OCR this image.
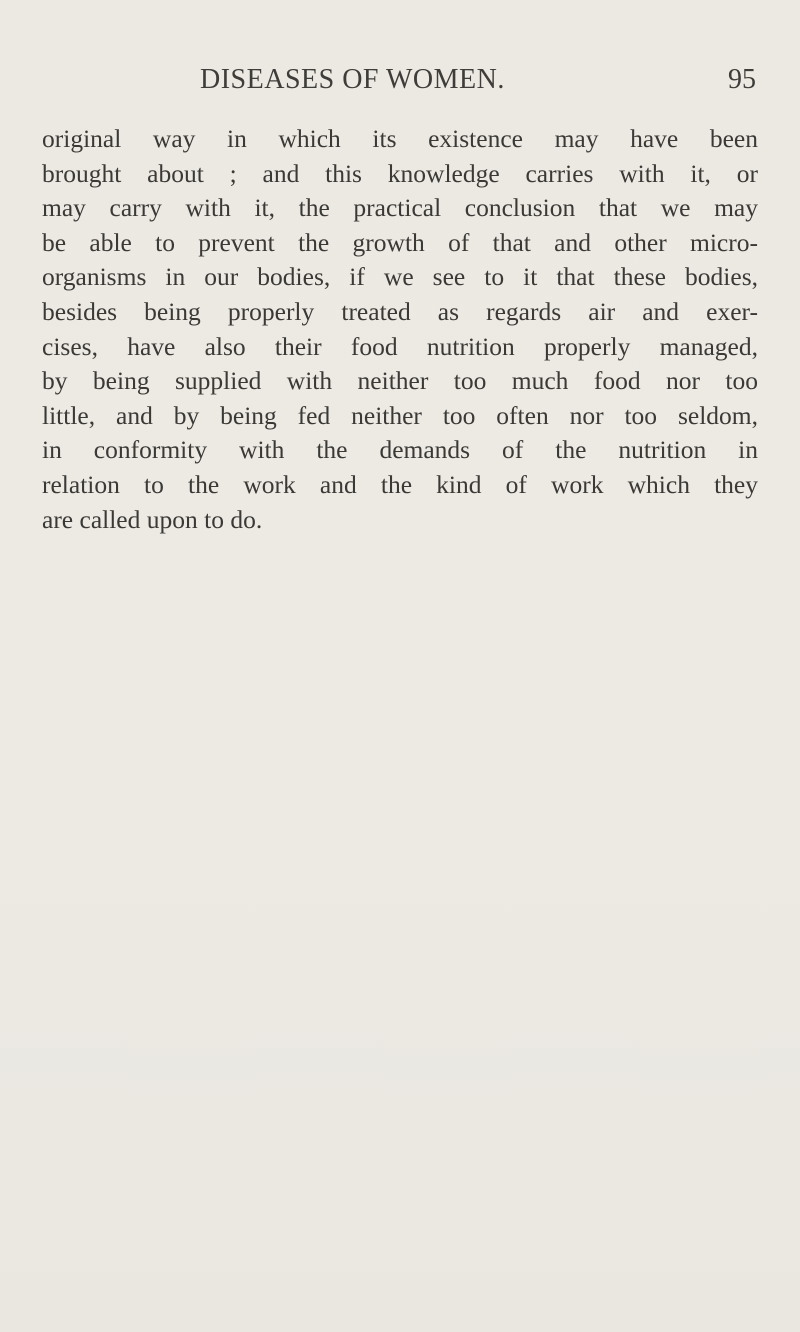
DISEASES OF WOMEN.	95
original way in which its existence may have been
brought about ; and this knowledge carries with it, or
may carry with it, the practical conclusion that we may
be able to prevent the growth of that and other micro-
organisms in our bodies, if we see to it that these bodies,
besides being properly treated as regards air and exer-
cises, have also their food nutrition properly managed,
by being supplied with neither too much food nor too
little, and by being fed neither too often nor too seldom,
in conformity with the demands of the nutrition in
relation to the work and the kind of work which they
are called upon to do.
